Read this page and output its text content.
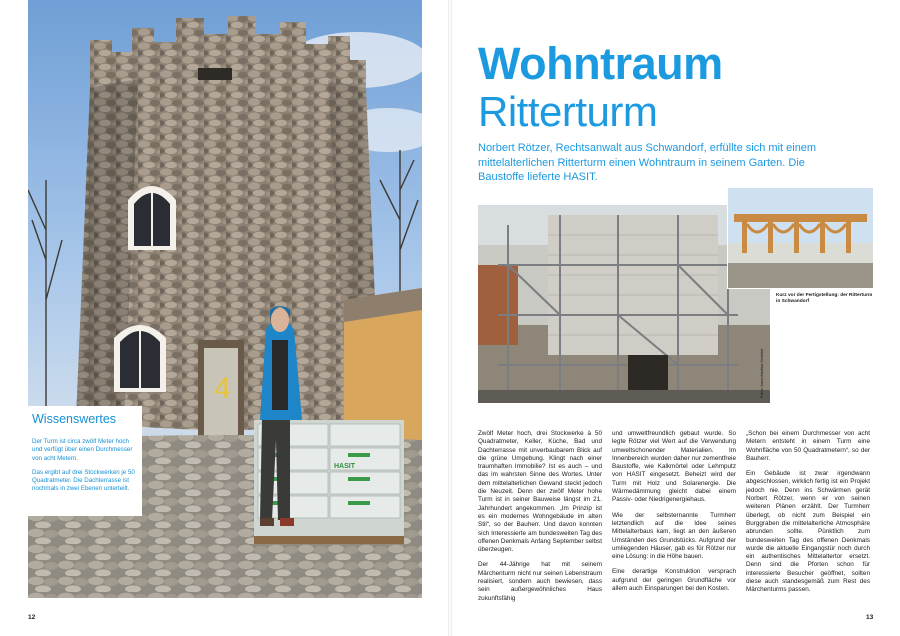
4
HASIT
Wissenswertes

Der Turm ist circa zwölf Meter hoch und verfügt über einen Durchmesser von acht Metern.

Das ergibt auf drei Stockwerken je 50 Quadratmeter. Die Dachterrasse ist nochmals in zwei Ebenen unterteilt.

12
Wohntraum
Ritterturm
Norbert Rötzer, Rechtsanwalt aus Schwandorf, erfüllte sich mit einem mittelalterlichen Ritterturm einen Wohntraum in seinem Garten. Die Baustoffe lieferte HASIT.
Kurz vor der Fertigstellung: der Ritterturm in Schwandorf
Fotos: Anna-Martina Schrider

Zwölf Meter hoch, drei Stockwerke à 50 Quadratmeter, Keller, Küche, Bad und Dachterrasse mit unverbaubarem Blick auf die grüne Umgebung. Klingt nach einer traumhaften Immobilie? Ist es auch – und das im wahrsten Sinne des Wortes. Unter dem mittelalterlichen Gewand steckt jedoch die Neuzeit. Denn der zwölf Meter hohe Turm ist in seiner Bauweise längst im 21. Jahrhundert angekommen. „Im Prinzip ist es ein modernes Wohngebäude im alten Stil“, so der Bauherr. Und davon konnten sich Interessierte am bundesweiten Tag des offenen Denkmals Anfang September selbst überzeugen.

Der 44-Jährige hat mit seinem Märchenturm nicht nur seinen Lebenstraum realisiert, sondern auch bewiesen, dass sein außergewöhnliches Haus zukunftsfähig

und umweltfreundlich gebaut wurde. So legte Rötzer viel Wert auf die Verwendung umweltschonender Materialien. Im Innenbereich wurden daher nur zementfreie Baustoffe, wie Kalkmörtel oder Lehmputz von HASIT eingesetzt. Beheizt wird der Turm mit Holz und Solarenergie. Die Wärmedämmung gleicht dabei einem Passiv- oder Niedrigenergiehaus.

Wie der selbsternannte Turmherr letztendlich auf die Idee seines Mittelalterbaus kam, liegt an den äußeren Umständen des Grundstücks. Aufgrund der umliegenden Häuser, gab es für Rötzer nur eine Lösung: in die Höhe bauen.

Eine derartige Konstruktion versprach aufgrund der geringen Grundfläche vor allem auch Einsparungen bei den Kosten.

„Schon bei einem Durchmesser von acht Metern entsteht in einem Turm eine Wohnfläche von 50 Quadratmetern“, so der Bauherr.

Ein Gebäude ist zwar irgendwann abgeschlossen, wirklich fertig ist ein Projekt jedoch nie. Denn ins Schwärmen gerät Norbert Rötzer, wenn er von seinen weiteren Plänen erzählt. Der Turmherr überlegt, ob nicht zum Beispiel ein Burggraben die mittelalterliche Atmosphäre abrunden sollte. Pünktlich zum bundesweiten Tag des offenen Denkmals wurde die aktuelle Eingangstür noch durch ein authentisches Mittelaltertor ersetzt. Denn sind die Pforten schon für interessierte Besucher geöffnet, sollten diese auch standesgemäß zum Rest des Märchenturms passen.

13
